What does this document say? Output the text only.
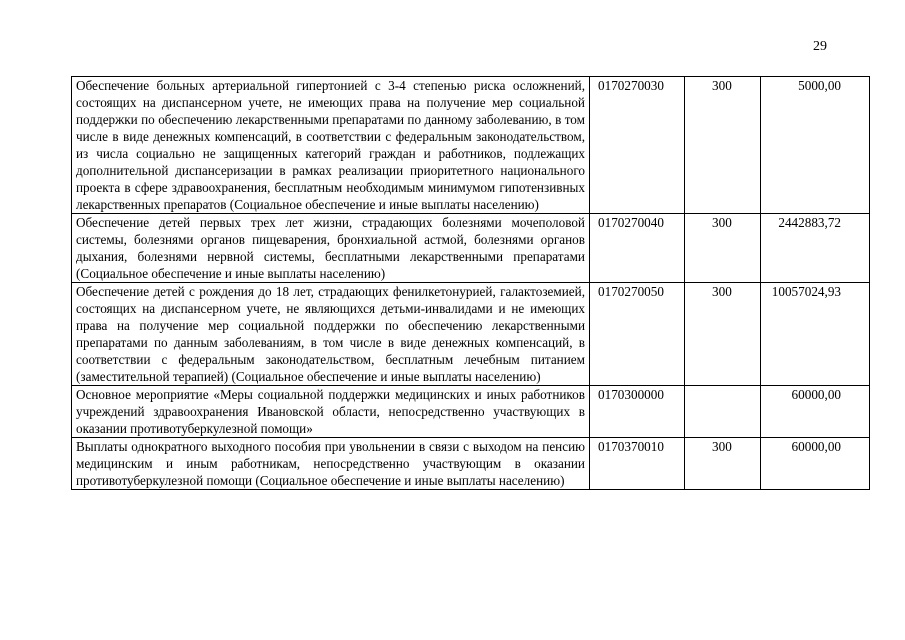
29
Обеспечение больных артериальной гипертонией с 3-4 степенью риска осложнений, состоящих на диспансерном учете, не имеющих права на получение мер социальной поддержки по обеспечению лекарственными препаратами по данному заболеванию, в том числе в виде денежных компенсаций, в соответствии с федеральным законодательством, из числа социально не защищенных категорий граждан и работников, подлежащих дополнительной диспансеризации в рамках реализации приоритетного национального проекта в сфере здравоохранения, бесплатным необходимым минимумом гипотензивных лекарственных препаратов (Социальное обеспечение и иные выплаты населению)	0170270030	300	5000,00
Обеспечение детей первых трех лет жизни, страдающих болезнями мочеполовой системы, болезнями органов пищеварения, бронхиальной астмой, болезнями органов дыхания, болезнями нервной системы, бесплатными лекарственными препаратами (Социальное обеспечение и иные выплаты населению)	0170270040	300	2442883,72
Обеспечение детей с рождения до 18 лет, страдающих фенилкетонурией, галактоземией, состоящих на диспансерном учете, не являющихся детьми-инвалидами и не имеющих права на получение мер социальной поддержки по обеспечению лекарственными препаратами по данным заболеваниям, в том числе в виде денежных компенсаций, в соответствии с федеральным законодательством, бесплатным лечебным питанием (заместительной терапией) (Социальное обеспечение и иные выплаты населению)	0170270050	300	10057024,93
Основное мероприятие «Меры социальной поддержки медицинских и иных работников учреждений здравоохранения Ивановской области, непосредственно участвующих в оказании противотуберкулезной помощи»	0170300000		60000,00
Выплаты однократного выходного пособия при увольнении в связи с выходом на пенсию медицинским и иным работникам, непосредственно участвующим в оказании противотуберкулезной помощи (Социальное обеспечение и иные выплаты населению)	0170370010	300	60000,00
